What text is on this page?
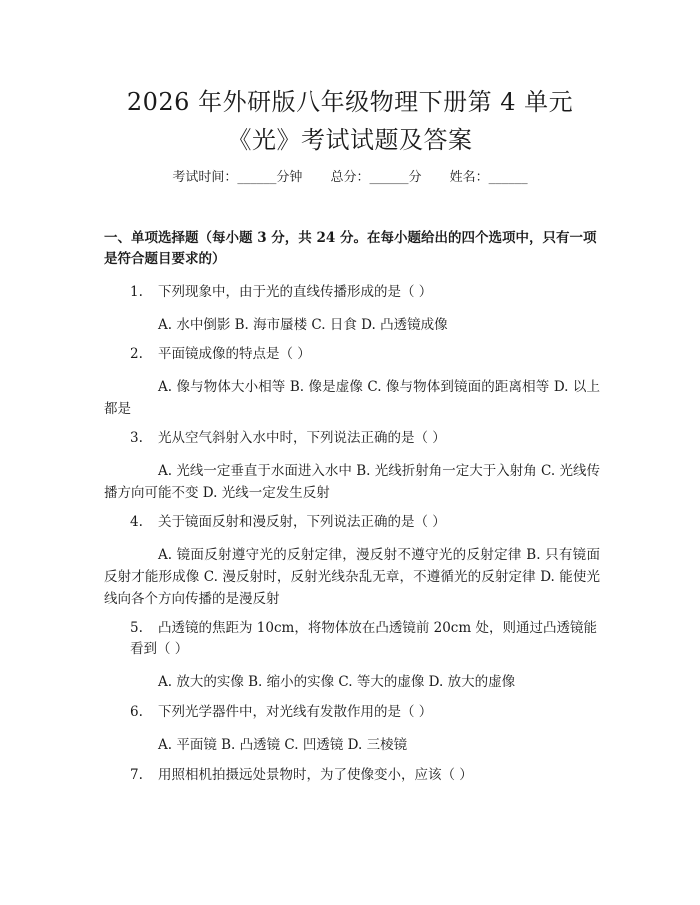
2026 年外研版八年级物理下册第 4 单元
《光》考试试题及答案
考试时间：______分钟 总分：______分 姓名：______
一、单项选择题（每小题 3 分，共 24 分。在每小题给出的四个选项中，只有一项是符合题目要求的）
1. 下列现象中，由于光的直线传播形成的是（ ）
A. 水中倒影 B. 海市蜃楼 C. 日食 D. 凸透镜成像
2. 平面镜成像的特点是（ ）
A. 像与物体大小相等 B. 像是虚像 C. 像与物体到镜面的距离相等 D. 以上都是
3. 光从空气斜射入水中时，下列说法正确的是（ ）
A. 光线一定垂直于水面进入水中 B. 光线折射角一定大于入射角 C. 光线传播方向可能不变 D. 光线一定发生反射
4. 关于镜面反射和漫反射，下列说法正确的是（ ）
A. 镜面反射遵守光的反射定律，漫反射不遵守光的反射定律 B. 只有镜面反射才能形成像 C. 漫反射时，反射光线杂乱无章，不遵循光的反射定律 D. 能使光线向各个方向传播的是漫反射
5. 凸透镜的焦距为 10cm，将物体放在凸透镜前 20cm 处，则通过凸透镜能看到（ ）
A. 放大的实像 B. 缩小的实像 C. 等大的虚像 D. 放大的虚像
6. 下列光学器件中，对光线有发散作用的是（ ）
A. 平面镜 B. 凸透镜 C. 凹透镜 D. 三棱镜
7. 用照相机拍摄远处景物时，为了使像变小，应该（ ）
